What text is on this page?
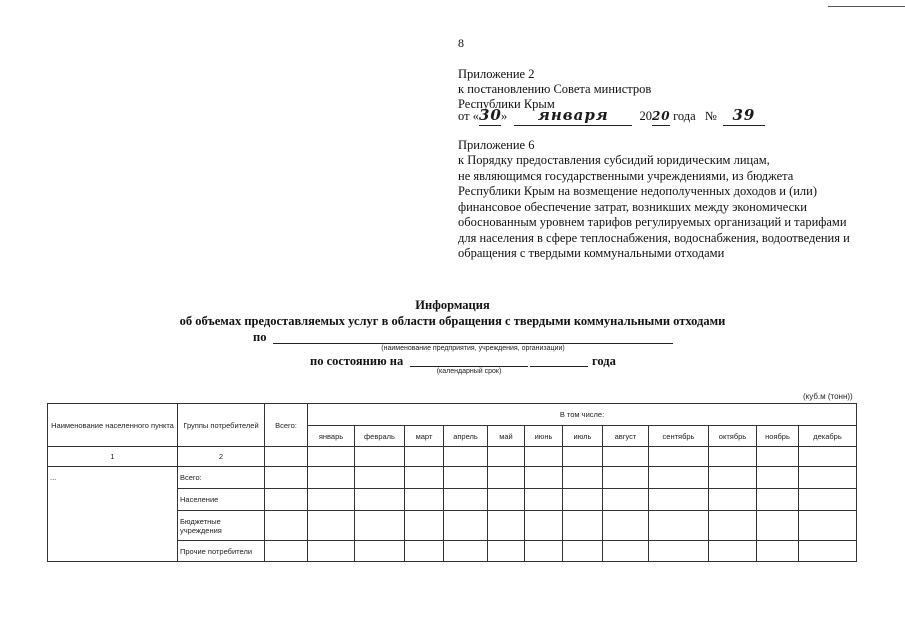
8
Приложение 2
к постановлению Совета министров
Республики Крым
от «30» января 2020 года № 39
Приложение 6
к Порядку предоставления субсидий юридическим лицам,
не являющимся государственными учреждениями, из бюджета
Республики Крым на возмещение недополученных доходов и (или)
финансовое обеспечение затрат, возникших между экономически
обоснованным уровнем тарифов регулируемых организаций и тарифами
для населения в сфере теплоснабжения, водоснабжения, водоотведения и
обращения с твердыми коммунальными отходами
Информация
об объемах предоставляемых услуг в области обращения с твердыми коммунальными отходами
по
(наименование предприятия, учреждения, организации)
по состоянию на	года
(календарный срок)
(куб.м (тонн))
Наименование населенного пункта	Группы потребителей	Всего:	В том числе:											
			январь	февраль	март	апрель	май	июнь	июль	август	сентябрь	октябрь	ноябрь	декабрь
1	2													
...	Всего:													
	Население													
	Бюджетные учреждения													
	Прочие потребители													
